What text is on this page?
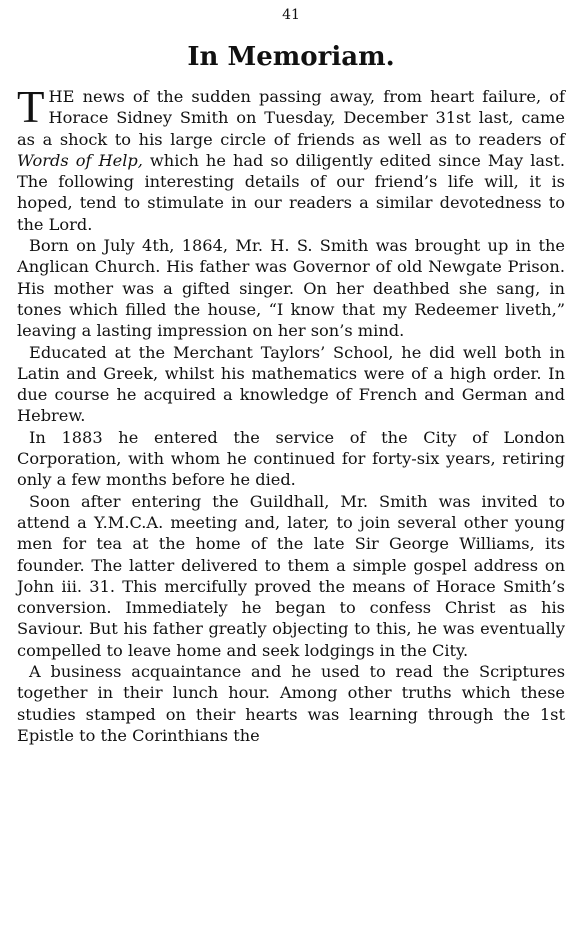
41
In Memoriam.

THE news of the sudden passing away, from heart failure, of Horace Sidney Smith on Tuesday, December 31st last, came as a shock to his large circle of friends as well as to readers of Words of Help, which he had so diligently edited since May last. The following interesting details of our friend’s life will, it is hoped, tend to stimulate in our readers a similar devotedness to the Lord.

Born on July 4th, 1864, Mr. H. S. Smith was brought up in the Anglican Church. His father was Governor of old Newgate Prison. His mother was a gifted singer. On her deathbed she sang, in tones which filled the house, “I know that my Redeemer liveth,” leaving a lasting impression on her son’s mind.

Educated at the Merchant Taylors’ School, he did well both in Latin and Greek, whilst his mathematics were of a high order. In due course he acquired a knowledge of French and German and Hebrew.

In 1883 he entered the service of the City of London Corporation, with whom he continued for forty-six years, retiring only a few months before he died.

Soon after entering the Guildhall, Mr. Smith was invited to attend a Y.M.C.A. meeting and, later, to join several other young men for tea at the home of the late Sir George Williams, its founder. The latter delivered to them a simple gospel address on John iii. 31. This mercifully proved the means of Horace Smith’s conversion. Immediately he began to confess Christ as his Saviour. But his father greatly objecting to this, he was eventually compelled to leave home and seek lodgings in the City.

A business acquaintance and he used to read the Scriptures together in their lunch hour. Among other truths which these studies stamped on their hearts was learning through the 1st Epistle to the Corinthians the
